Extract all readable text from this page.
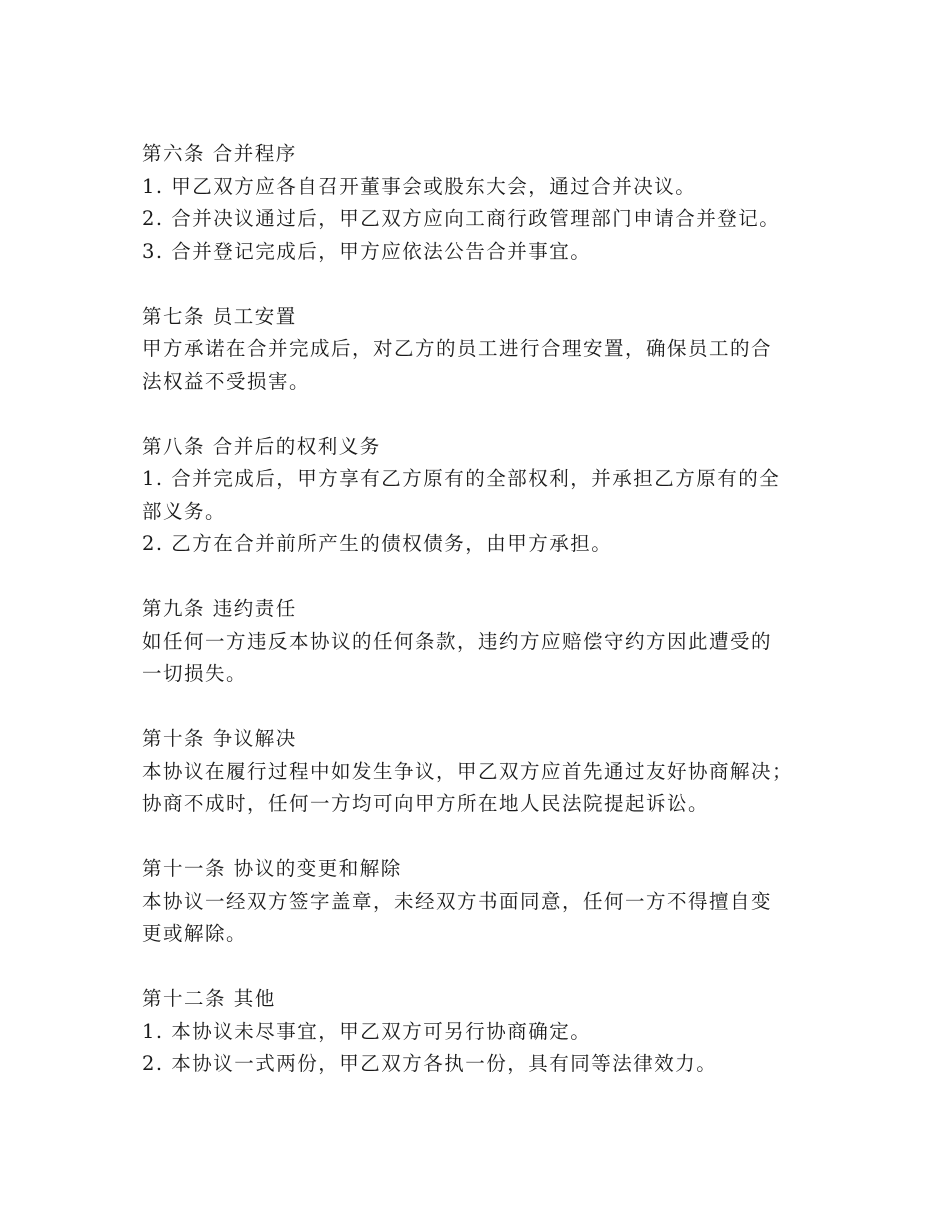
第六条 合并程序
1. 甲乙双方应各自召开董事会或股东大会，通过合并决议。
2. 合并决议通过后，甲乙双方应向工商行政管理部门申请合并登记。
3. 合并登记完成后，甲方应依法公告合并事宜。
第七条 员工安置
甲方承诺在合并完成后，对乙方的员工进行合理安置，确保员工的合
法权益不受损害。
第八条 合并后的权利义务
1. 合并完成后，甲方享有乙方原有的全部权利，并承担乙方原有的全
部义务。
2. 乙方在合并前所产生的债权债务，由甲方承担。
第九条 违约责任
如任何一方违反本协议的任何条款，违约方应赔偿守约方因此遭受的
一切损失。
第十条 争议解决
本协议在履行过程中如发生争议，甲乙双方应首先通过友好协商解决；
协商不成时，任何一方均可向甲方所在地人民法院提起诉讼。
第十一条 协议的变更和解除
本协议一经双方签字盖章，未经双方书面同意，任何一方不得擅自变
更或解除。
第十二条 其他
1. 本协议未尽事宜，甲乙双方可另行协商确定。
2. 本协议一式两份，甲乙双方各执一份，具有同等法律效力。
